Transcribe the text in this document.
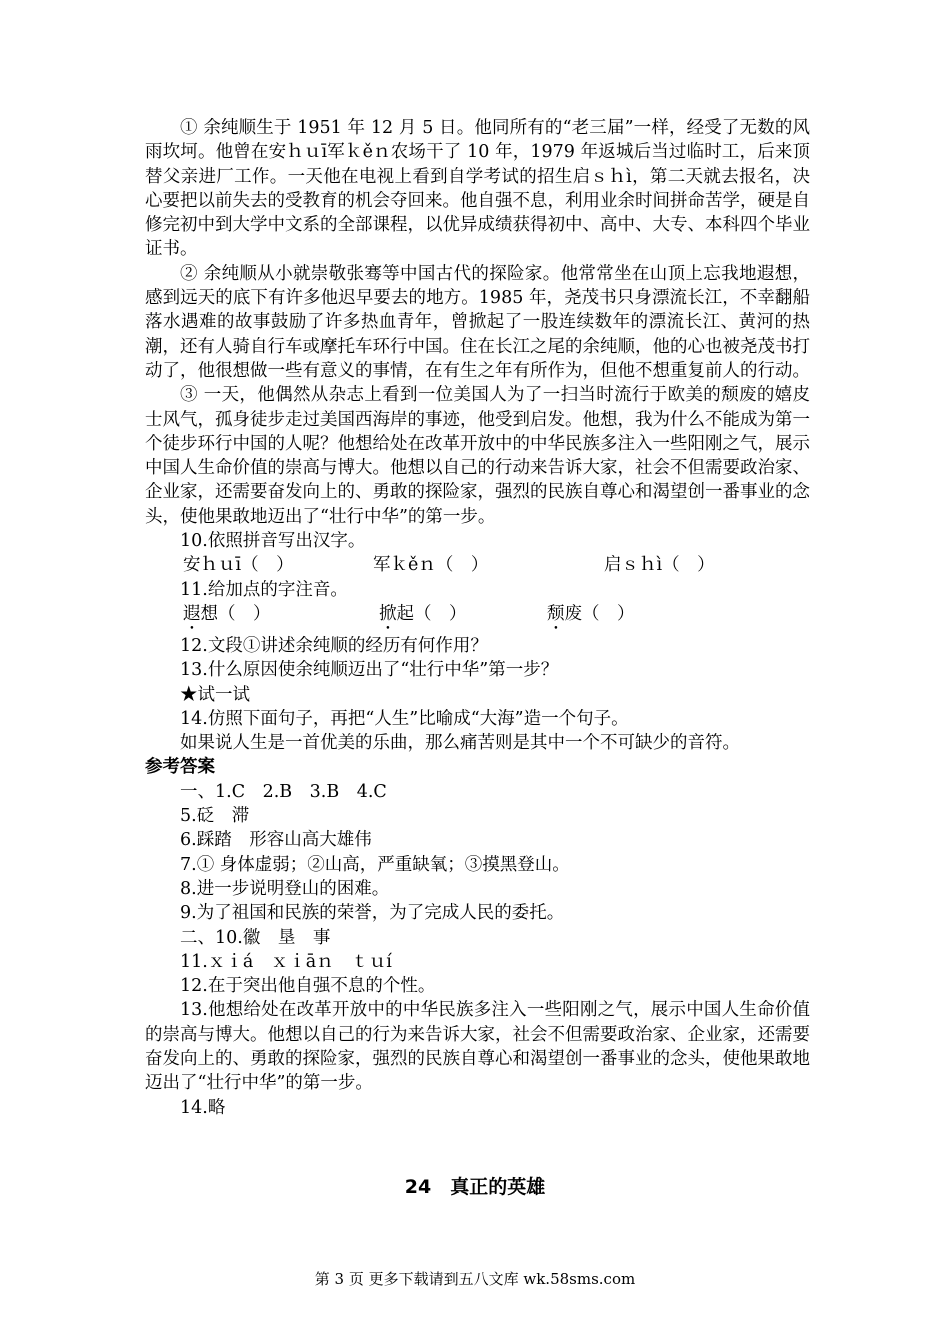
① 余纯顺生于 1951 年 12 月 5 日。他同所有的“老三届”一样，经受了无数的风雨坎坷。他曾在安ｈｕī军ｋěｎ农场干了 10 年，1979 年返城后当过临时工，后来顶替父亲进厂工作。一天他在电视上看到自学考试的招生启ｓｈì，第二天就去报名，决心要把以前失去的受教育的机会夺回来。他自强不息，利用业余时间拼命苦学，硬是自修完初中到大学中文系的全部课程，以优异成绩获得初中、高中、大专、本科四个毕业证书。

② 余纯顺从小就崇敬张骞等中国古代的探险家。他常常坐在山顶上忘我地遐想，感到远天的底下有许多他迟早要去的地方。1985 年，尧茂书只身漂流长江，不幸翻船落水遇难的故事鼓励了许多热血青年，曾掀起了一股连续数年的漂流长江、黄河的热潮，还有人骑自行车或摩托车环行中国。住在长江之尾的余纯顺，他的心也被尧茂书打动了，他很想做一些有意义的事情，在有生之年有所作为，但他不想重复前人的行动。

③ 一天，他偶然从杂志上看到一位美国人为了一扫当时流行于欧美的颓废的嬉皮士风气，孤身徒步走过美国西海岸的事迹，他受到启发。他想，我为什么不能成为第一个徒步环行中国的人呢？他想给处在改革开放中的中华民族多注入一些阳刚之气，展示中国人生命价值的崇高与博大。他想以自己的行动来告诉大家，社会不但需要政治家、企业家，还需要奋发向上的、勇敢的探险家，强烈的民族自尊心和渴望创一番事业的念头，使他果敢地迈出了“壮行中华”的第一步。

10.依照拼音写出汉字。

安ｈｕī（　）	军ｋěｎ（　）	启ｓｈì（　）

11.给加点的字注音。

遐想（　）	掀起（　）	颓废（　）

12.文段①讲述余纯顺的经历有何作用？

13.什么原因使余纯顺迈出了“壮行中华”第一步？

★试一试

14.仿照下面句子，再把“人生”比喻成“大海”造一个句子。

如果说人生是一首优美的乐曲，那么痛苦则是其中一个不可缺少的音符。

参考答案

一、1.C　2.B　3.B　4.C

5.砭　滞

6.踩踏　形容山高大雄伟

7.① 身体虚弱；②山高，严重缺氧；③摸黑登山。

8.进一步说明登山的困难。

9.为了祖国和民族的荣誉，为了完成人民的委托。

二、10.徽　垦　事

11.ｘｉá　ｘｉāｎ　ｔｕí

12.在于突出他自强不息的个性。

13.他想给处在改革开放中的中华民族多注入一些阳刚之气，展示中国人生命价值的崇高与博大。他想以自己的行为来告诉大家，社会不但需要政治家、企业家，还需要奋发向上的、勇敢的探险家，强烈的民族自尊心和渴望创一番事业的念头，使他果敢地迈出了“壮行中华”的第一步。

14.略

24　真正的英雄
第 3 页 更多下载请到五八文库 wk.58sms.com
